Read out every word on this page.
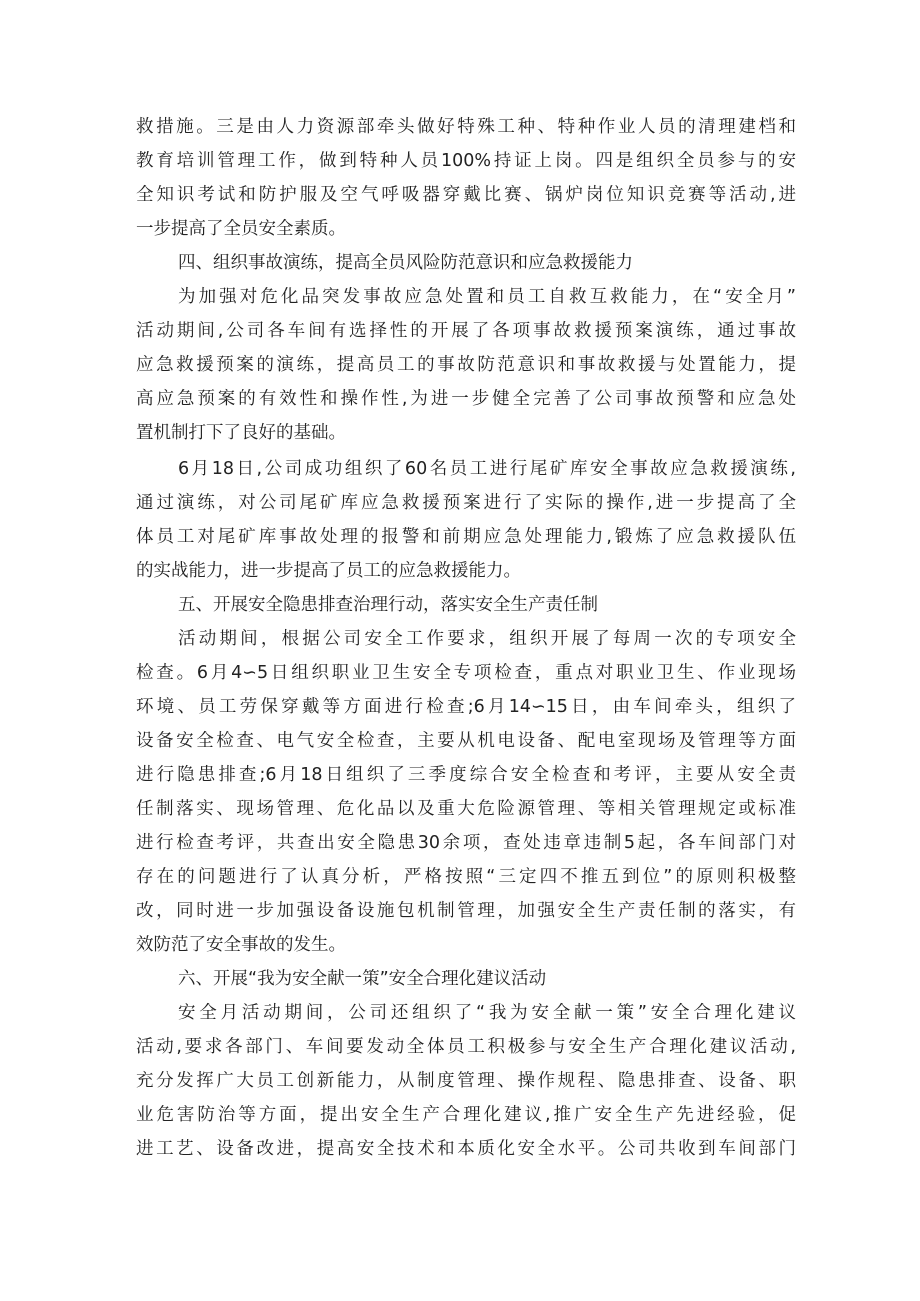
救措施。三是由人力资源部牵头做好特殊工种、特种作业人员的清理建档和
教育培训管理工作，做到特种人员100%持证上岗。四是组织全员参与的安
全知识考试和防护服及空气呼吸器穿戴比赛、锅炉岗位知识竞赛等活动,进
一步提高了全员安全素质。
四、组织事故演练，提高全员风险防范意识和应急救援能力
为加强对危化品突发事故应急处置和员工自救互救能力，在“安全月”
活动期间,公司各车间有选择性的开展了各项事故救援预案演练，通过事故
应急救援预案的演练，提高员工的事故防范意识和事故救援与处置能力，提
高应急预案的有效性和操作性,为进一步健全完善了公司事故预警和应急处
置机制打下了良好的基础。
6月18日,公司成功组织了60名员工进行尾矿库安全事故应急救援演练,
通过演练，对公司尾矿库应急救援预案进行了实际的操作,进一步提高了全
体员工对尾矿库事故处理的报警和前期应急处理能力,锻炼了应急救援队伍
的实战能力，进一步提高了员工的应急救援能力。
五、开展安全隐患排查治理行动，落实安全生产责任制
活动期间，根据公司安全工作要求，组织开展了每周一次的专项安全
检查。6月4∽5日组织职业卫生安全专项检查，重点对职业卫生、作业现场
环境、员工劳保穿戴等方面进行检查;6月14∽15日，由车间牵头，组织了
设备安全检查、电气安全检查，主要从机电设备、配电室现场及管理等方面
进行隐患排查;6月18日组织了三季度综合安全检查和考评，主要从安全责
任制落实、现场管理、危化品以及重大危险源管理、等相关管理规定或标准
进行检查考评，共查出安全隐患30余项，查处违章违制5起，各车间部门对
存在的问题进行了认真分析，严格按照“三定四不推五到位”的原则积极整
改，同时进一步加强设备设施包机制管理，加强安全生产责任制的落实，有
效防范了安全事故的发生。
六、开展“我为安全献一策”安全合理化建议活动
安全月活动期间，公司还组织了“我为安全献一策”安全合理化建议
活动,要求各部门、车间要发动全体员工积极参与安全生产合理化建议活动,
充分发挥广大员工创新能力，从制度管理、操作规程、隐患排查、设备、职
业危害防治等方面，提出安全生产合理化建议,推广安全生产先进经验，促
进工艺、设备改进，提高安全技术和本质化安全水平。公司共收到车间部门
